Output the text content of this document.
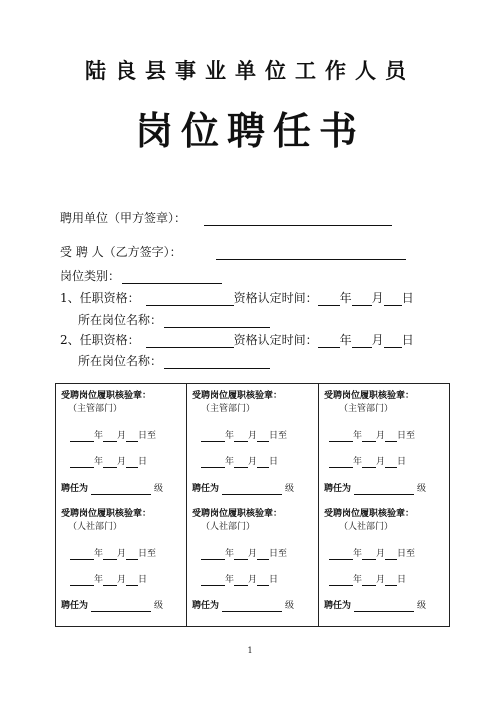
陆良县事业单位工作人员
岗位聘任书
聘用单位（甲方签章）：
受 聘 人（乙方签字）：
岗位类别：
1、任职资格：	资格认定时间： 年 月 日
所在岗位名称：
2、任职资格：	资格认定时间： 年 月 日
所在岗位名称：
受聘岗位履职核验章：
（主管部门）
年 月 日至
年 月 日
聘任为	级
受聘岗位履职核验章：
（人社部门）
年 月 日至
年 月 日
聘任为	级
受聘岗位履职核验章：
（主管部门）
年 月 日至
年 月 日
聘任为	级
受聘岗位履职核验章：
（人社部门）
年 月 日至
年 月 日
聘任为	级
受聘岗位履职核验章：
（主管部门）
年 月 日至
年 月 日
聘任为	级
受聘岗位履职核验章：
（人社部门）
年 月 日至
年 月 日
聘任为	级
1
